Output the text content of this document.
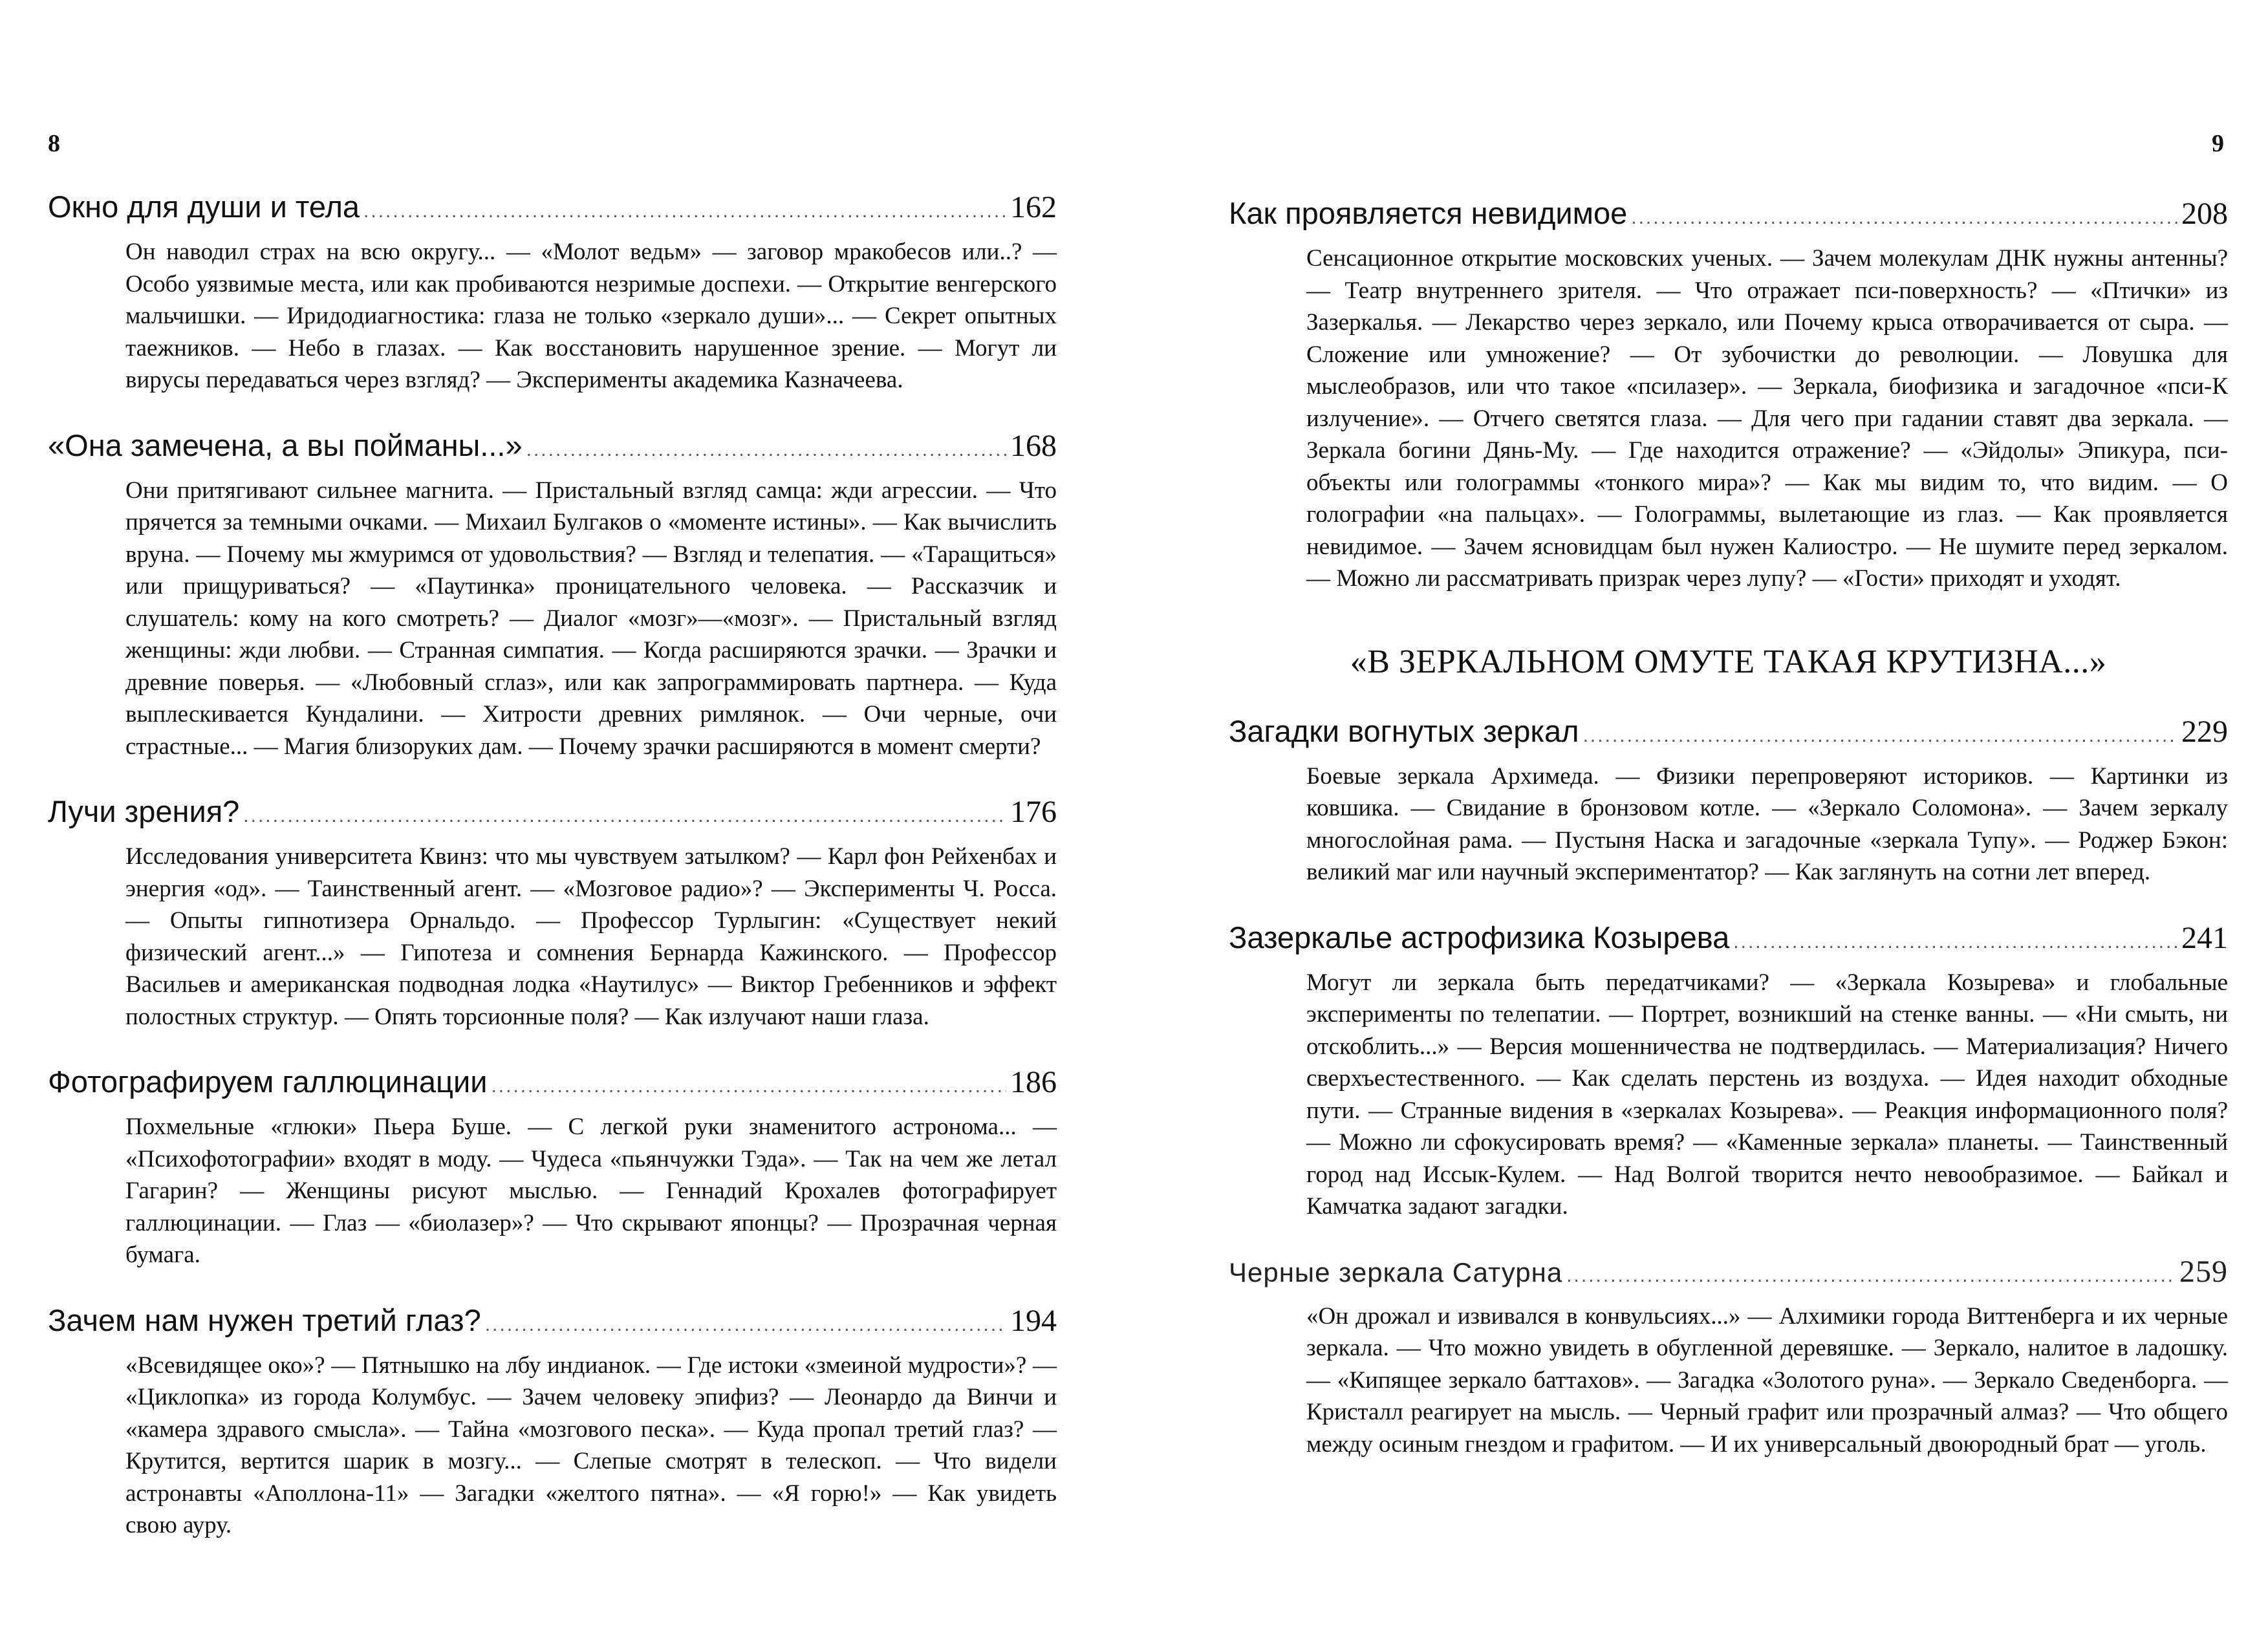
8
Окно для души и тела .....	162
Он наводил страх на всю округу... — «Молот ведьм» — заговор мракобесов или..? — Особо уязвимые места, или как пробиваются незримые доспехи. — Открытие венгерского мальчишки. — Иридодиагностика: глаза не только «зеркало души»... — Секрет опытных таежников. — Небо в глазах. — Как восстановить нарушенное зрение. — Могут ли вирусы передаваться через взгляд? — Эксперименты академика Казначеева.
«Она замечена, а вы пойманы...» .....	168
Они притягивают сильнее магнита. — Пристальный взгляд самца: жди агрессии. — Что прячется за темными очками. — Михаил Булгаков о «моменте истины». — Как вычислить вруна. — Почему мы жмуримся от удовольствия? — Взгляд и телепатия. — «Таращиться» или прищуриваться? — «Паутинка» проницательного человека. — Рассказчик и слушатель: кому на кого смотреть? — Диалог «мозг»—«мозг». — Пристальный взгляд женщины: жди любви. — Странная симпатия. — Когда расширяются зрачки. — Зрачки и древние поверья. — «Любовный сглаз», или как запрограммировать партнера. — Куда выплескивается Кундалини. — Хитрости древних римлянок. — Очи черные, очи страстные... — Магия близоруких дам. — Почему зрачки расширяются в момент смерти?
Лучи зрения? .....	176
Исследования университета Квинз: что мы чувствуем затылком? — Карл фон Рейхенбах и энергия «од». — Таинственный агент. — «Мозговое радио»? — Эксперименты Ч. Росса. — Опыты гипнотизера Орнальдо. — Профессор Турлыгин: «Существует некий физический агент...» — Гипотеза и сомнения Бернарда Кажинского. — Профессор Васильев и американская подводная лодка «Наутилус» — Виктор Гребенников и эффект полостных структур. — Опять торсионные поля? — Как излучают наши глаза.
Фотографируем галлюцинации .....	186
Похмельные «глюки» Пьера Буше. — С легкой руки знаменитого астронома... — «Психофотографии» входят в моду. — Чудеса «пьянчужки Тэда». — Так на чем же летал Гагарин? — Женщины рисуют мыслью. — Геннадий Крохалев фотографирует галлюцинации. — Глаз — «биолазер»? — Что скрывают японцы? — Прозрачная черная бумага.
Зачем нам нужен третий глаз? .....	194
«Всевидящее око»? — Пятнышко на лбу индианок. — Где истоки «змеиной мудрости»? — «Циклопка» из города Колумбус. — Зачем человеку эпифиз? — Леонардо да Винчи и «камера здравого смысла». — Тайна «мозгового песка». — Куда пропал третий глаз? — Крутится, вертится шарик в мозгу... — Слепые смотрят в телескоп. — Что видели астронавты «Аполлона-11» — Загадки «желтого пятна». — «Я горю!» — Как увидеть свою ауру.
9
Как проявляется невидимое .....	208
Сенсационное открытие московских ученых. — Зачем молекулам ДНК нужны антенны? — Театр внутреннего зрителя. — Что отражает пси-поверхность? — «Птички» из Зазеркалья. — Лекарство через зеркало, или Почему крыса отворачивается от сыра. — Сложение или умножение? — От зубочистки до революции. — Ловушка для мыслеобразов, или что такое «псилазер». — Зеркала, биофизика и загадочное «пси-К излучение». — Отчего светятся глаза. — Для чего при гадании ставят два зеркала. — Зеркала богини Дянь-Му. — Где находится отражение? — «Эйдолы» Эпикура, пси-объекты или голограммы «тонкого мира»? — Как мы видим то, что видим. — О голографии «на пальцах». — Голограммы, вылетающие из глаз. — Как проявляется невидимое. — Зачем ясновидцам был нужен Калиостро. — Не шумите перед зеркалом. — Можно ли рассматривать призрак через лупу? — «Гости» приходят и уходят.
«В ЗЕРКАЛЬНОМ ОМУТЕ ТАКАЯ КРУТИЗНА...»
Загадки вогнутых зеркал .....	229
Боевые зеркала Архимеда. — Физики перепроверяют историков. — Картинки из ковшика. — Свидание в бронзовом котле. — «Зеркало Соломона». — Зачем зеркалу многослойная рама. — Пустыня Наска и загадочные «зеркала Тупу». — Роджер Бэкон: великий маг или научный экспериментатор? — Как заглянуть на сотни лет вперед.
Зазеркалье астрофизика Козырева .....	241
Могут ли зеркала быть передатчиками? — «Зеркала Козырева» и глобальные эксперименты по телепатии. — Портрет, возникший на стенке ванны. — «Ни смыть, ни отскоблить...» — Версия мошенничества не подтвердилась. — Материализация? Ничего сверхъестественного. — Как сделать перстень из воздуха. — Идея находит обходные пути. — Странные видения в «зеркалах Козырева». — Реакция информационного поля? — Можно ли сфокусировать время? — «Каменные зеркала» планеты. — Таинственный город над Иссык-Кулем. — Над Волгой творится нечто невообразимое. — Байкал и Камчатка задают загадки.
Черные зеркала Сатурна .....	259
«Он дрожал и извивался в конвульсиях...» — Алхимики города Виттенберга и их черные зеркала. — Что можно увидеть в обугленной деревяшке. — Зеркало, налитое в ладошку. — «Кипящее зеркало баттахов». — Загадка «Золотого руна». — Зеркало Сведенборга. — Кристалл реагирует на мысль. — Черный графит или прозрачный алмаз? — Что общего между осиным гнездом и графитом. — И их универсальный двоюродный брат — уголь.
